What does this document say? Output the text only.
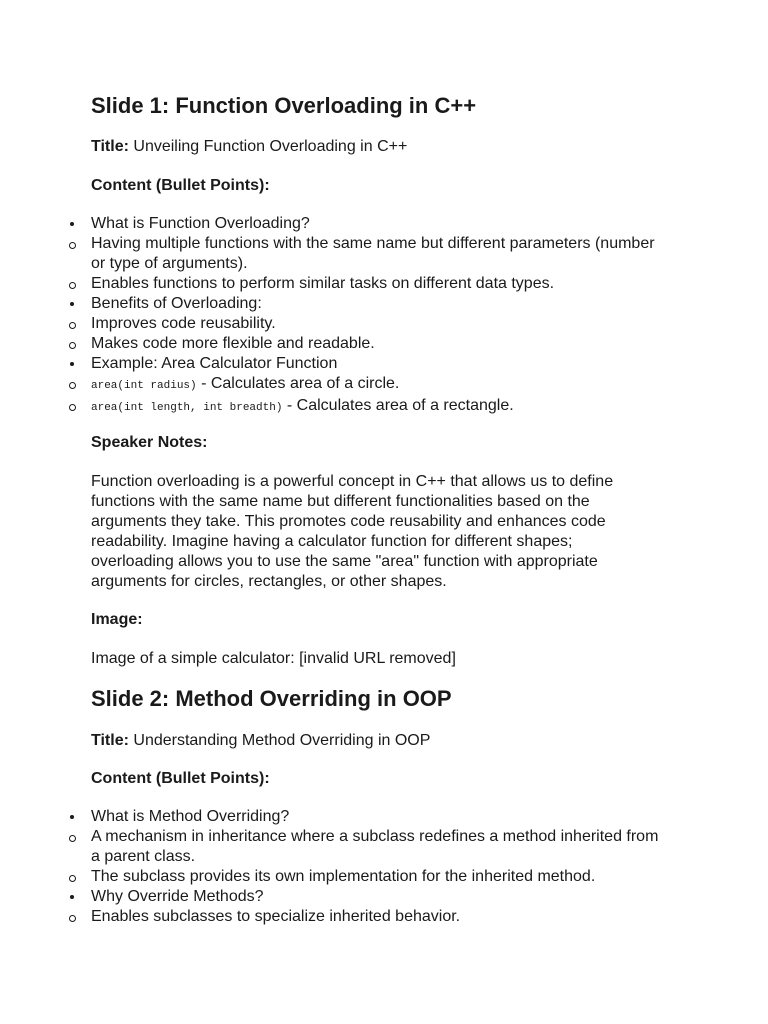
Slide 1: Function Overloading in C++

Title: Unveiling Function Overloading in C++

Content (Bullet Points):

What is Function Overloading?
Having multiple functions with the same name but different parameters (number or type of arguments).
Enables functions to perform similar tasks on different data types.
Benefits of Overloading:
Improves code reusability.
Makes code more flexible and readable.
Example: Area Calculator Function
area(int radius) - Calculates area of a circle.
area(int length, int breadth) - Calculates area of a rectangle.

Speaker Notes:

Function overloading is a powerful concept in C++ that allows us to define functions with the same name but different functionalities based on the arguments they take. This promotes code reusability and enhances code readability. Imagine having a calculator function for different shapes; overloading allows you to use the same "area" function with appropriate arguments for circles, rectangles, or other shapes.

Image:

Image of a simple calculator: [invalid URL removed]

Slide 2: Method Overriding in OOP

Title: Understanding Method Overriding in OOP

Content (Bullet Points):

What is Method Overriding?
A mechanism in inheritance where a subclass redefines a method inherited from a parent class.
The subclass provides its own implementation for the inherited method.
Why Override Methods?
Enables subclasses to specialize inherited behavior.
